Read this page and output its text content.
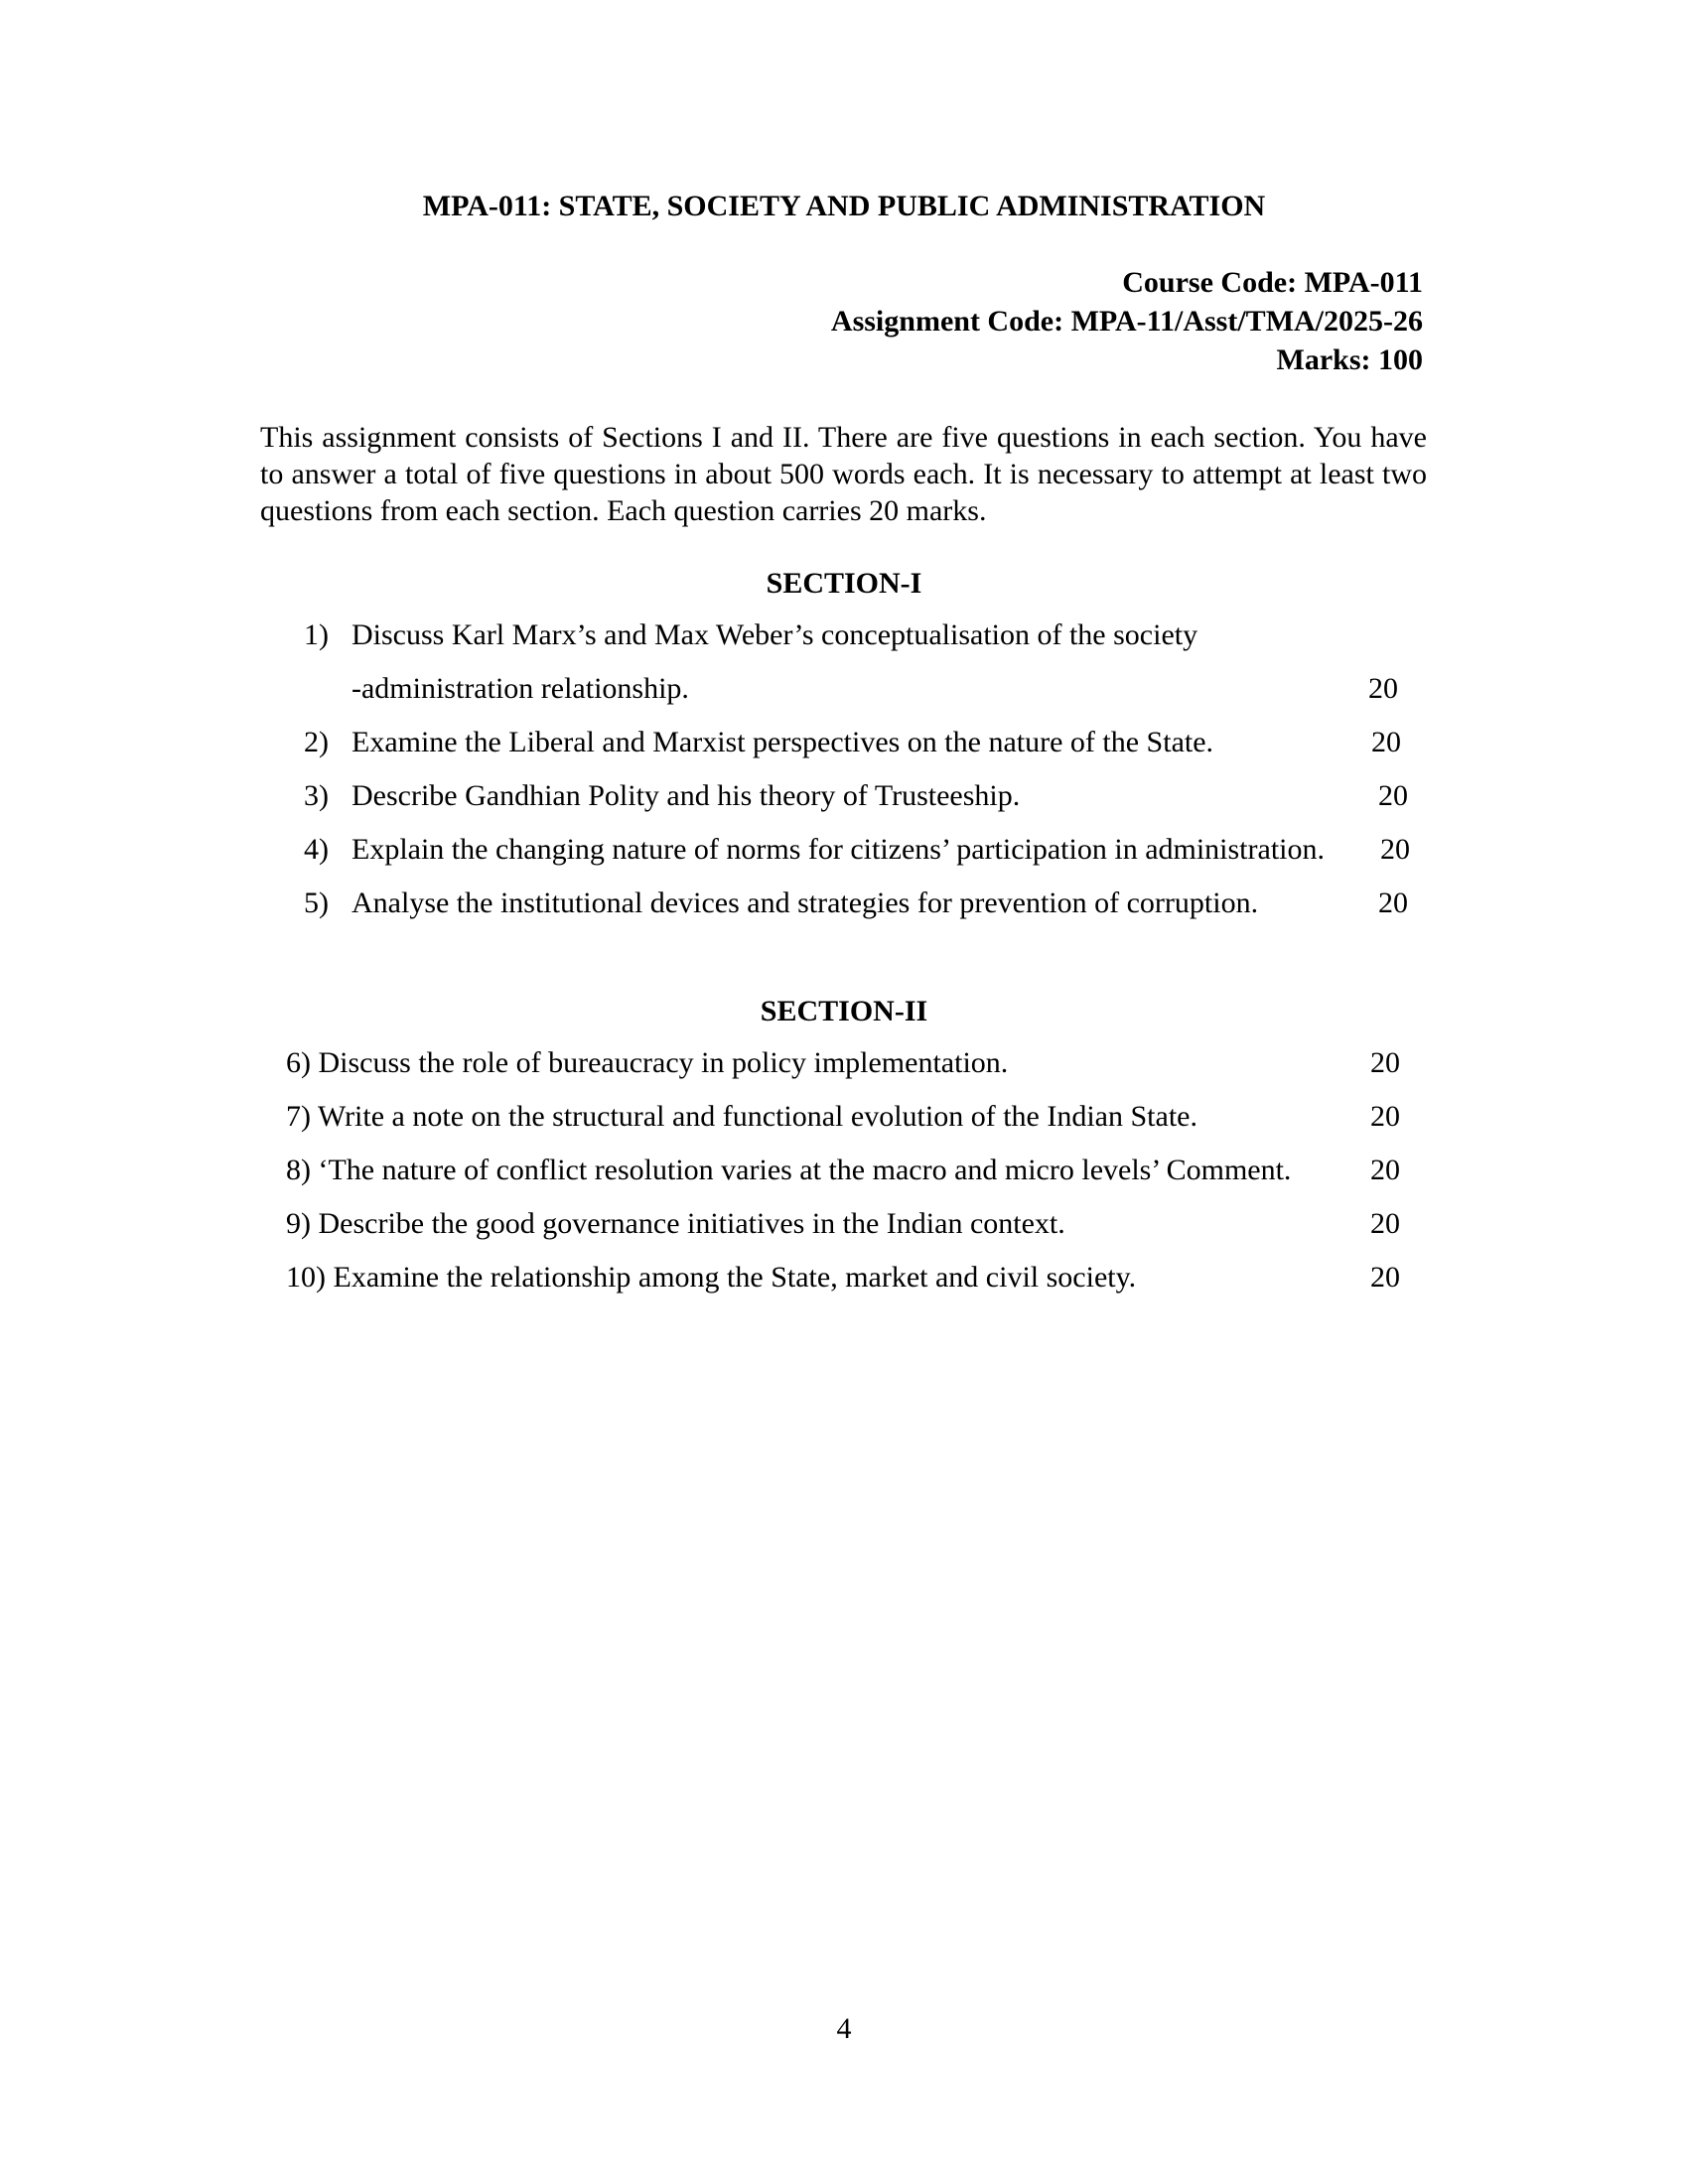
MPA-011: STATE, SOCIETY AND PUBLIC ADMINISTRATION
Course Code: MPA-011
Assignment Code: MPA-11/Asst/TMA/2025-26
Marks: 100
This assignment consists of Sections I and II. There are five questions in each section. You have to answer a total of five questions in about 500 words each. It is necessary to attempt at least two questions from each section. Each question carries 20 marks.
SECTION-I
1) Discuss Karl Marx’s and Max Weber’s conceptualisation of the society
-administration relationship.	20
2) Examine the Liberal and Marxist perspectives on the nature of the State.	20
3) Describe Gandhian Polity and his theory of Trusteeship.	20
4) Explain the changing nature of norms for citizens’ participation in administration. 20
5) Analyse the institutional devices and strategies for prevention of corruption.	20
SECTION-II
6) Discuss the role of bureaucracy in policy implementation.	20
7) Write a note on the structural and functional evolution of the Indian State.	20
8) ‘The nature of conflict resolution varies at the macro and micro levels’ Comment.	20
9) Describe the good governance initiatives in the Indian context.	20
10) Examine the relationship among the State, market and civil society.	20
4
